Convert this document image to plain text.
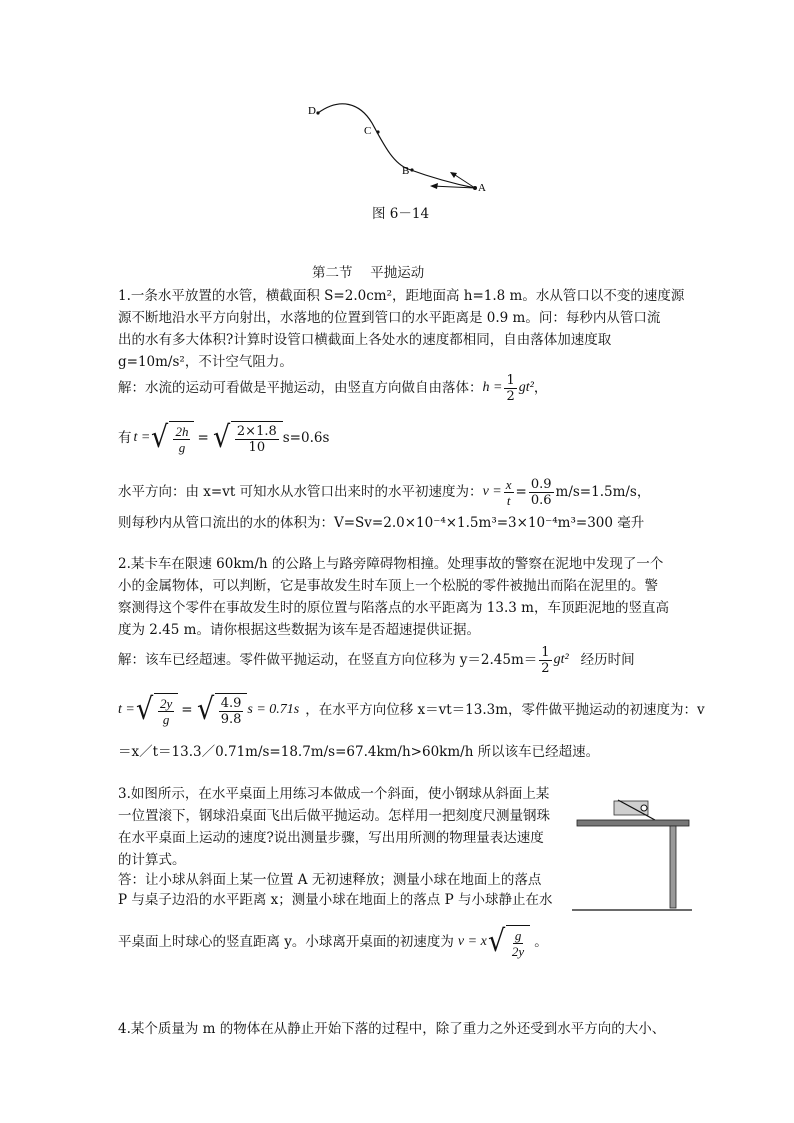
D
C
B
A
图 6－14
第二节　 平抛运动
1.一条水平放置的水管，横截面积 S=2.0cm²，距地面高 h=1.8 m。水从管口以不变的速度源
源不断地沿水平方向射出，水落地的位置到管口的水平距离是 0.9 m。问：每秒内从管口流
出的水有多大体积?计算时设管口横截面上各处水的速度都相同，自由落体加速度取
g=10m/s²，不计空气阻力。
解：水流的运动可看做是平抛运动，由竖直方向做自由落体： $h = \frac{1}{2} gt^2$ ，
有 t = √ $\frac{2h}{g}$ = √ $\frac{2\times 1.8}{10} s=0.6s$
水平方向：由 x=vt 可知水从水管口出来时的水平初速度为： $v = \frac{x}{t} = \frac{0.9}{0.6} m/s=1.5m/s$，
则每秒内从管口流出的水的体积为：V=Sv=2.0×10⁻⁴×1.5m³=3×10⁻⁴m³=300 毫升
2.某卡车在限速 60km/h 的公路上与路旁障碍物相撞。处理事故的警察在泥地中发现了一个
小的金属物体，可以判断，它是事故发生时车顶上一个松脱的零件被抛出而陷在泥里的。警
察测得这个零件在事故发生时的原位置与陷落点的水平距离为 13.3 m，车顶距泥地的竖直高
度为 2.45 m。请你根据这些数据为该车是否超速提供证据。
解：该车已经超速。零件做平抛运动，在竖直方向位移为 $y=2.45m= \frac{1}{2} gt^2$ 经历时间
t = √ $\frac{2y}{g}$ = √ $\frac{4.9}{9.8}$ s = 0.71s ，在水平方向位移 x＝vt＝13.3m，零件做平抛运动的初速度为：v
＝x／t＝13.3／0.71m/s=18.7m/s=67.4km/h>60km/h 所以该车已经超速。
3.如图所示，在水平桌面上用练习本做成一个斜面，使小钢球从斜面上某
一位置滚下，钢球沿桌面飞出后做平抛运动。怎样用一把刻度尺测量钢珠
在水平桌面上运动的速度?说出测量步骤，写出用所测的物理量表达速度
的计算式。
答：让小球从斜面上某一位置 A 无初速释放；测量小球在地面上的落点
P 与桌子边沿的水平距离 x；测量小球在地面上的落点 P 与小球静止在水
平桌面上时球心的竖直距离 y。小球离开桌面的初速度为 v = x √ $\frac{g}{2y}$ 。
4.某个质量为 m 的物体在从静止开始下落的过程中，除了重力之外还受到水平方向的大小、
